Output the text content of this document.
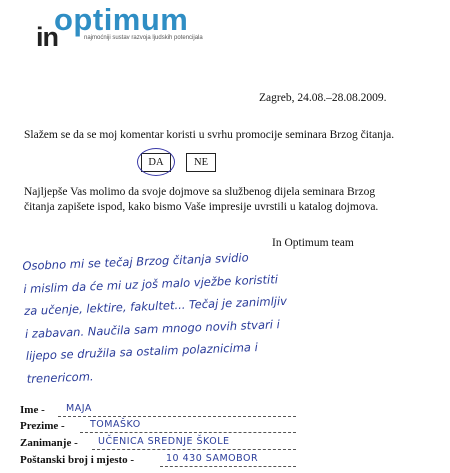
in
optimum
najmoćniji sustav razvoja ljudskih potencijala
Zagreb, 24.08.–28.08.2009.
Slažem se da se moj komentar koristi u svrhu promocije seminara Brzog čitanja.
DA	NE
Najljepše Vas molimo da svoje dojmove sa službenog dijela seminara Brzog
čitanja zapišete ispod, kako bismo Vaše impresije uvrstili u katalog dojmova.
In Optimum team
Osobno mi se tečaj Brzog čitanja svidio
i mislim da će mi uz još malo vježbe koristiti
za učenje, lektire, fakultet... Tečaj je zanimljiv
i zabavan. Naučila sam mnogo novih stvari i
lijepo se družila sa ostalim polaznicima i
trenericom.
Ime - MAJA
Prezime -	TOMAŠKO
Zanimanje - UČENICA SREDNJE ŠKOLE
Poštanski broj i mjesto -	10 430 SAMOBOR
